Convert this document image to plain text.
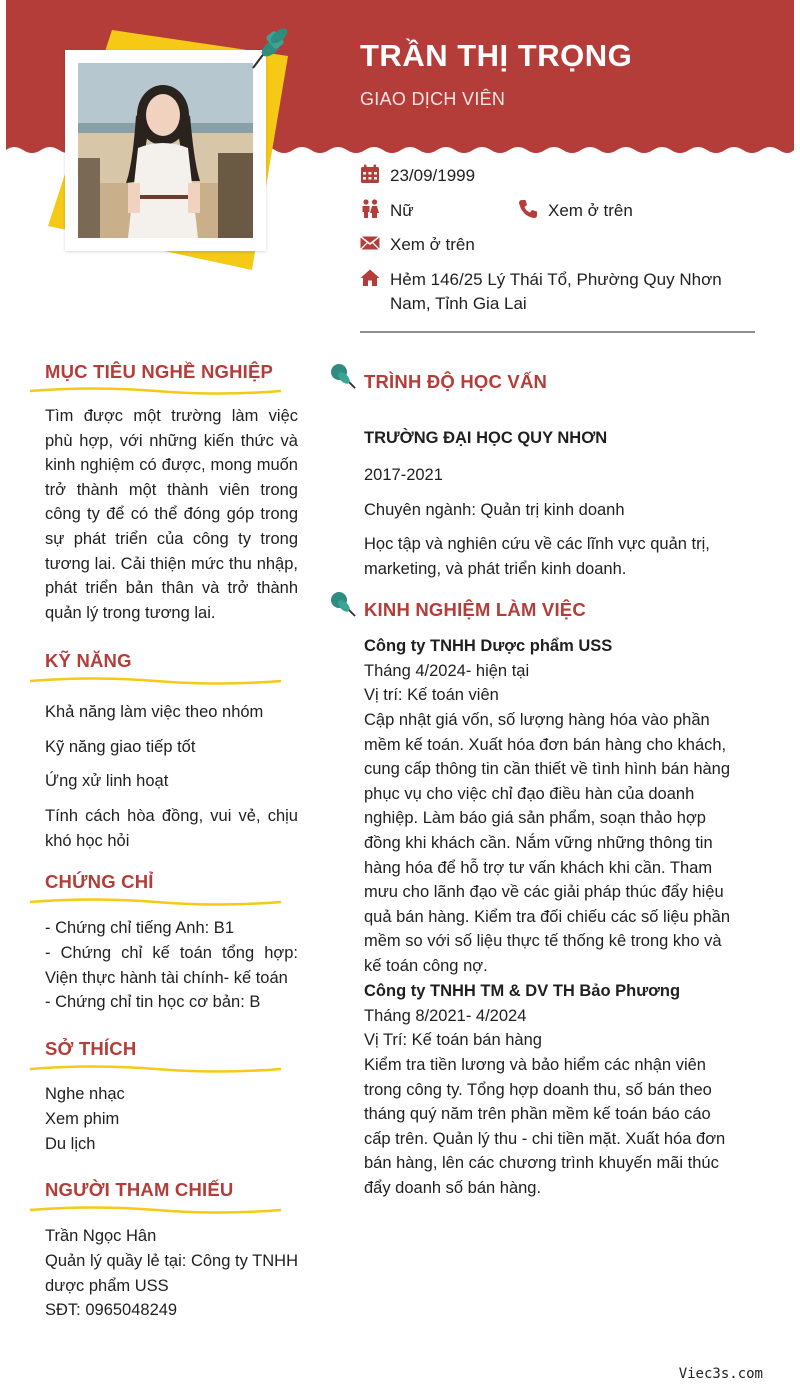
TRẦN THỊ TRỌNG
GIAO DỊCH VIÊN
23/09/1999
Nữ	Xem ở trên
Xem ở trên
Hẻm 146/25 Lý Thái Tổ, Phường Quy Nhơn Nam, Tỉnh Gia Lai
MỤC TIÊU NGHỀ NGHIỆP
Tìm được một trường làm việc phù hợp, với những kiến thức và kinh nghiệm có được, mong muốn trở thành một thành viên trong công ty để có thể đóng góp trong sự phát triển của công ty trong tương lai. Cải thiện mức thu nhập, phát triển bản thân và trở thành quản lý trong tương lai.
KỸ NĂNG
Khả năng làm việc theo nhóm
Kỹ năng giao tiếp tốt
Ứng xử linh hoạt
Tính cách hòa đồng, vui vẻ, chịu khó học hỏi
CHỨNG CHỈ
- Chứng chỉ tiếng Anh: B1
- Chứng chỉ kế toán tổng hợp: Viện thực hành tài chính- kế toán
- Chứng chỉ tin học cơ bản: B
SỞ THÍCH
Nghe nhạc
Xem phim
Du lịch
NGƯỜI THAM CHIẾU
Trần Ngọc Hân
Quản lý quầy lẻ tại: Công ty TNHH dược phẩm USS
SĐT: 0965048249
TRÌNH ĐỘ HỌC VẤN
TRƯỜNG ĐẠI HỌC QUY NHƠN
2017-2021
Chuyên ngành: Quản trị kinh doanh
Học tập và nghiên cứu về các lĩnh vực quản trị, marketing, và phát triển kinh doanh.
KINH NGHIỆM LÀM VIỆC
Công ty TNHH Dược phẩm USS
Tháng 4/2024- hiện tại
Vị trí: Kế toán viên
Cập nhật giá vốn, số lượng hàng hóa vào phần mềm kế toán. Xuất hóa đơn bán hàng cho khách, cung cấp thông tin cần thiết về tình hình bán hàng phục vụ cho việc chỉ đạo điều hàn của doanh nghiệp. Làm báo giá sản phẩm, soạn thảo hợp đồng khi khách cần. Nắm vững những thông tin hàng hóa để hỗ trợ tư vấn khách khi cần. Tham mưu cho lãnh đạo về các giải pháp thúc đẩy hiệu quả bán hàng. Kiểm tra đối chiếu các số liệu phần mềm so với số liệu thực tế thống kê trong kho và kế toán công nợ.
Công ty TNHH TM & DV TH Bảo Phương
Tháng 8/2021- 4/2024
Vị Trí: Kế toán bán hàng
Kiểm tra tiền lương và bảo hiểm các nhận viên trong công ty. Tổng hợp doanh thu, số bán theo tháng quý năm trên phần mềm kế toán báo cáo cấp trên. Quản lý thu - chi tiền mặt. Xuất hóa đơn bán hàng, lên các chương trình khuyến mãi thúc đẩy doanh số bán hàng.
Viec3s.com
